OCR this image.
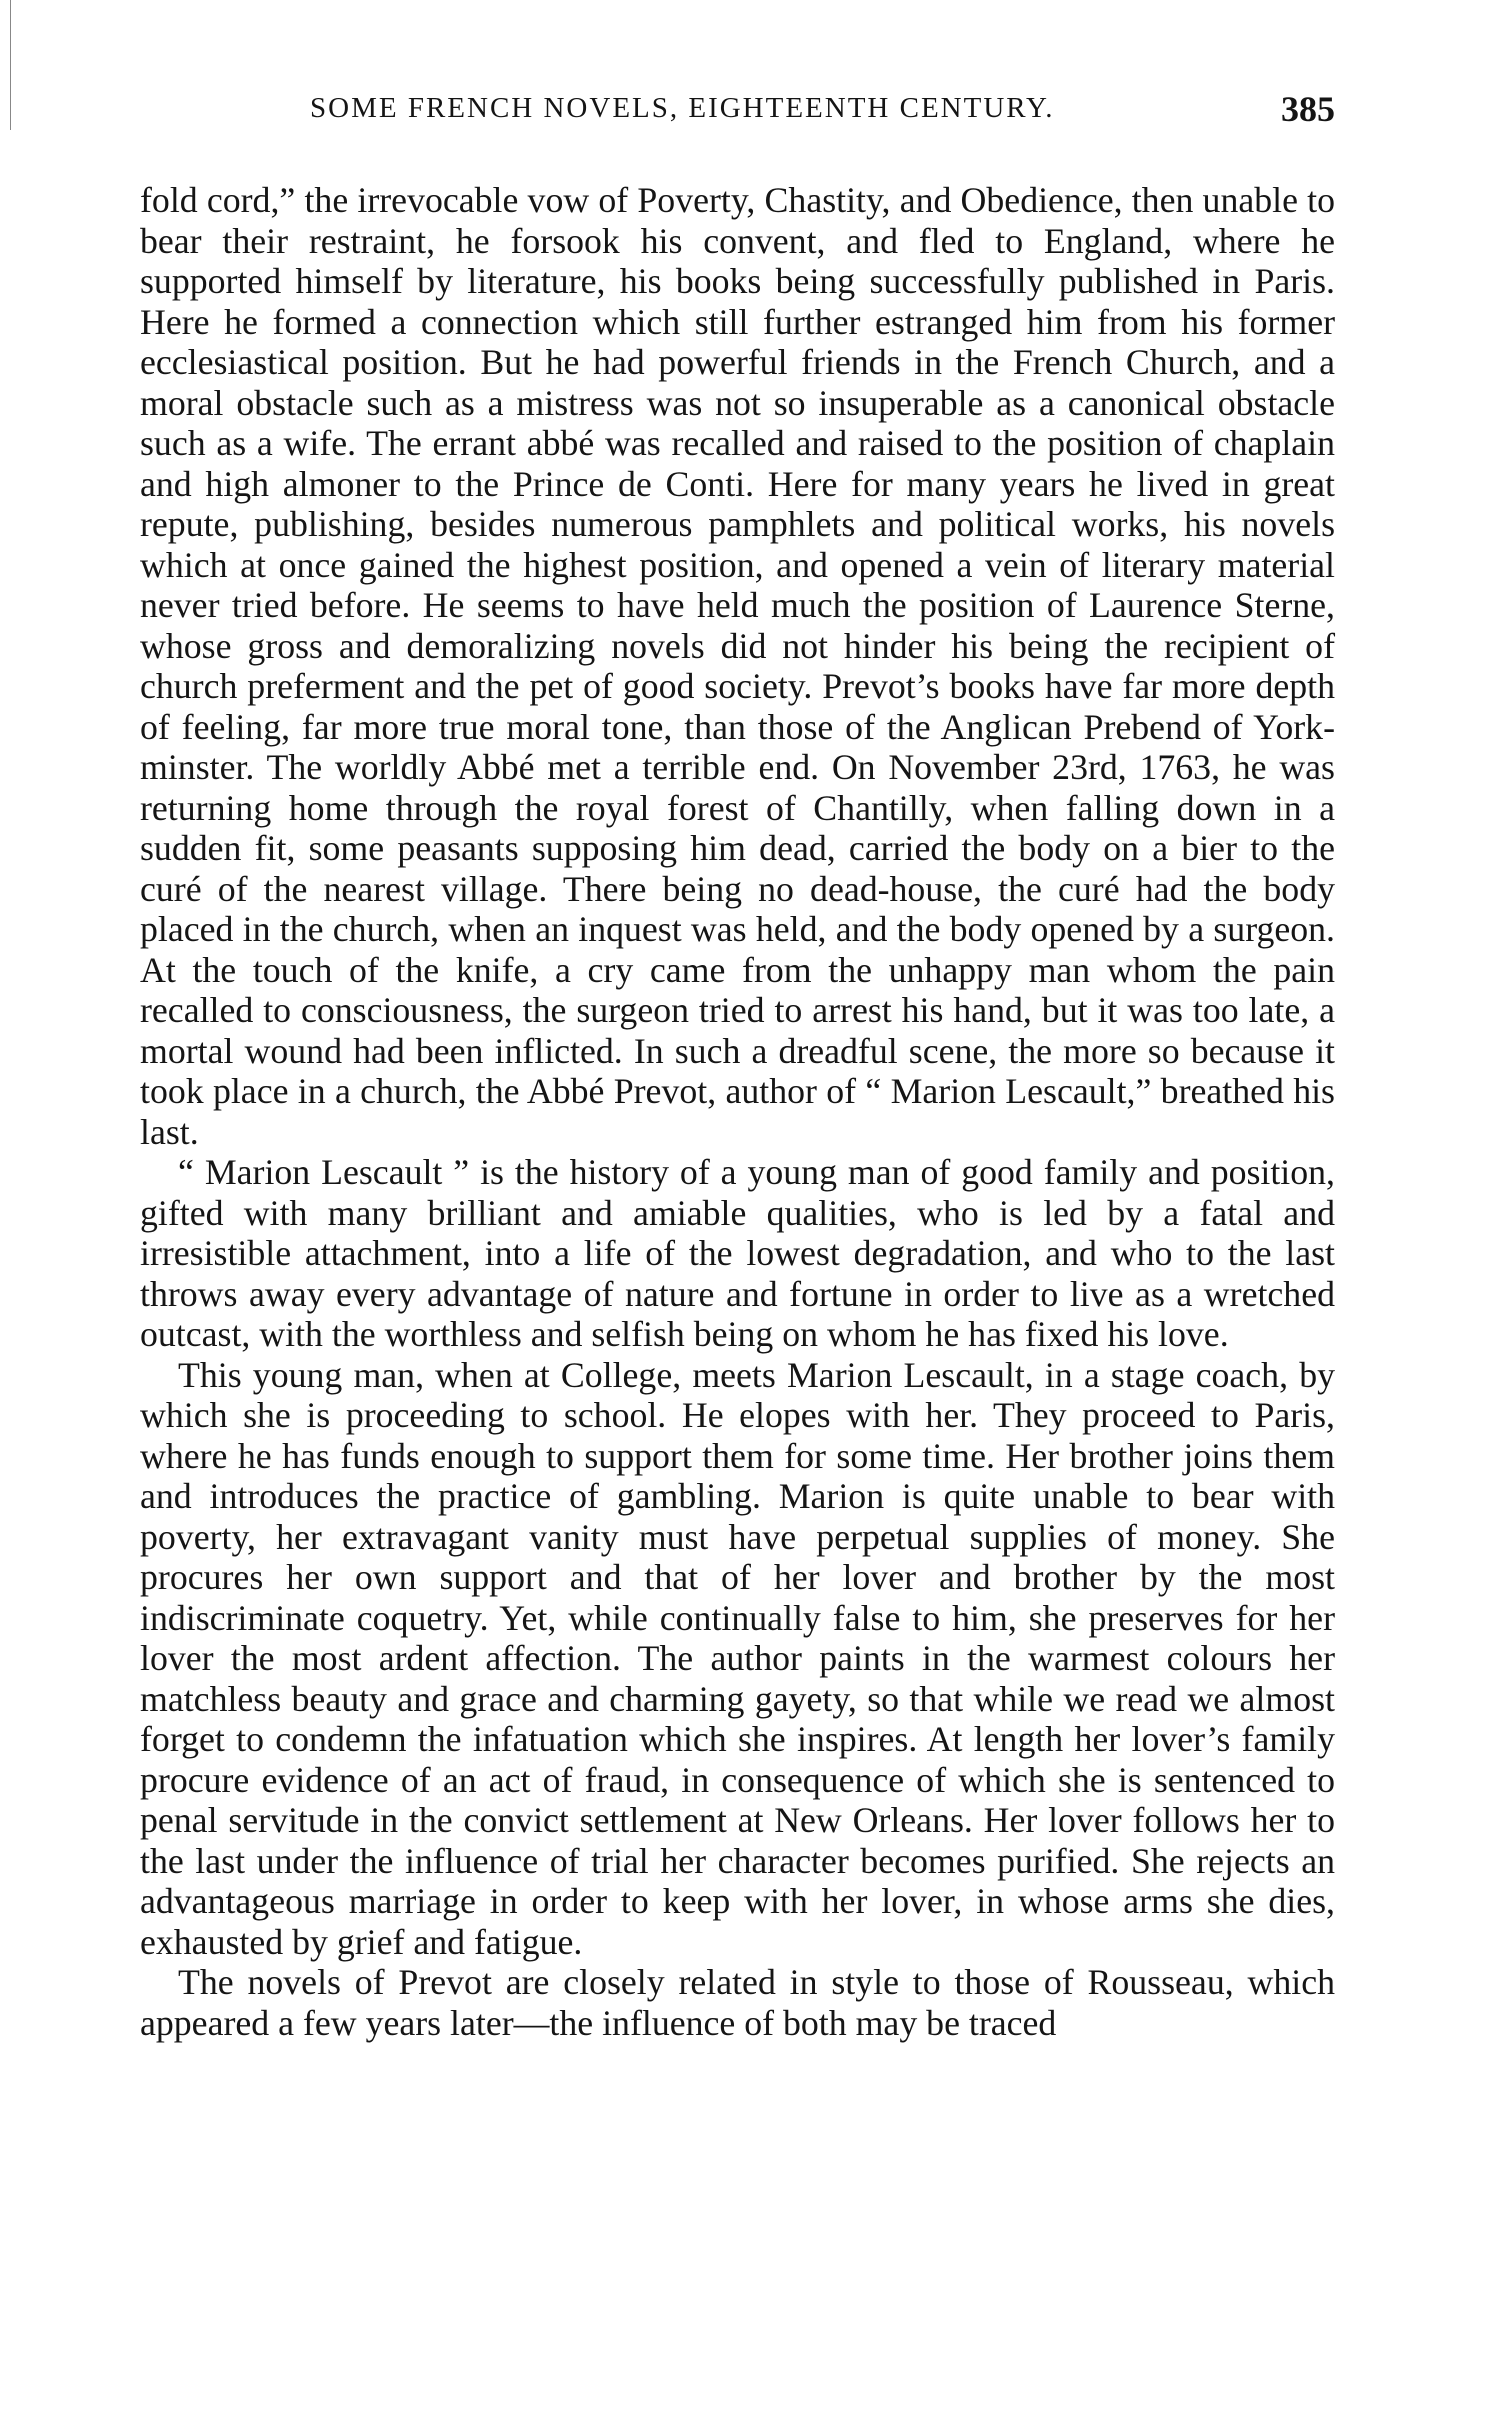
SOME FRENCH NOVELS, EIGHTEENTH CENTURY.	385

fold cord,” the irrevocable vow of Poverty, Chastity, and Obedience, then unable to bear their restraint, he forsook his convent, and fled to England, where he supported himself by literature, his books being successfully published in Paris. Here he formed a connection which still further estranged him from his former ecclesiastical position. But he had powerful friends in the French Church, and a moral obstacle such as a mistress was not so insuperable as a canonical obstacle such as a wife. The errant abbé was recalled and raised to the position of chaplain and high almoner to the Prince de Conti. Here for many years he lived in great repute, publishing, besides numerous pamphlets and political works, his novels which at once gained the highest position, and opened a vein of literary material never tried before. He seems to have held much the position of Laurence Sterne, whose gross and demoralizing novels did not hinder his being the recipient of church preferment and the pet of good society. Prevot’s books have far more depth of feeling, far more true moral tone, than those of the Anglican Prebend of York-minster. The worldly Abbé met a terrible end. On November 23rd, 1763, he was returning home through the royal forest of Chantilly, when falling down in a sudden fit, some peasants supposing him dead, carried the body on a bier to the curé of the nearest village. There being no dead-house, the curé had the body placed in the church, when an inquest was held, and the body opened by a surgeon. At the touch of the knife, a cry came from the unhappy man whom the pain recalled to consciousness, the surgeon tried to arrest his hand, but it was too late, a mortal wound had been inflicted. In such a dreadful scene, the more so because it took place in a church, the Abbé Prevot, author of “ Marion Lescault,” breathed his last.

“ Marion Lescault ” is the history of a young man of good family and position, gifted with many brilliant and amiable qualities, who is led by a fatal and irresistible attachment, into a life of the lowest degradation, and who to the last throws away every advantage of nature and fortune in order to live as a wretched outcast, with the worthless and selfish being on whom he has fixed his love.

This young man, when at College, meets Marion Lescault, in a stage coach, by which she is proceeding to school. He elopes with her. They proceed to Paris, where he has funds enough to support them for some time. Her brother joins them and introduces the practice of gambling. Marion is quite unable to bear with poverty, her extravagant vanity must have perpetual supplies of money. She procures her own support and that of her lover and brother by the most indiscriminate coquetry. Yet, while continually false to him, she preserves for her lover the most ardent affection. The author paints in the warmest colours her matchless beauty and grace and charming gayety, so that while we read we almost forget to condemn the infatuation which she inspires. At length her lover’s family procure evidence of an act of fraud, in consequence of which she is sentenced to penal servitude in the convict settlement at New Orleans. Her lover follows her to the last under the influence of trial her character becomes purified. She rejects an advantageous marriage in order to keep with her lover, in whose arms she dies, exhausted by grief and fatigue.

The novels of Prevot are closely related in style to those of Rousseau, which appeared a few years later—the influence of both may be traced
